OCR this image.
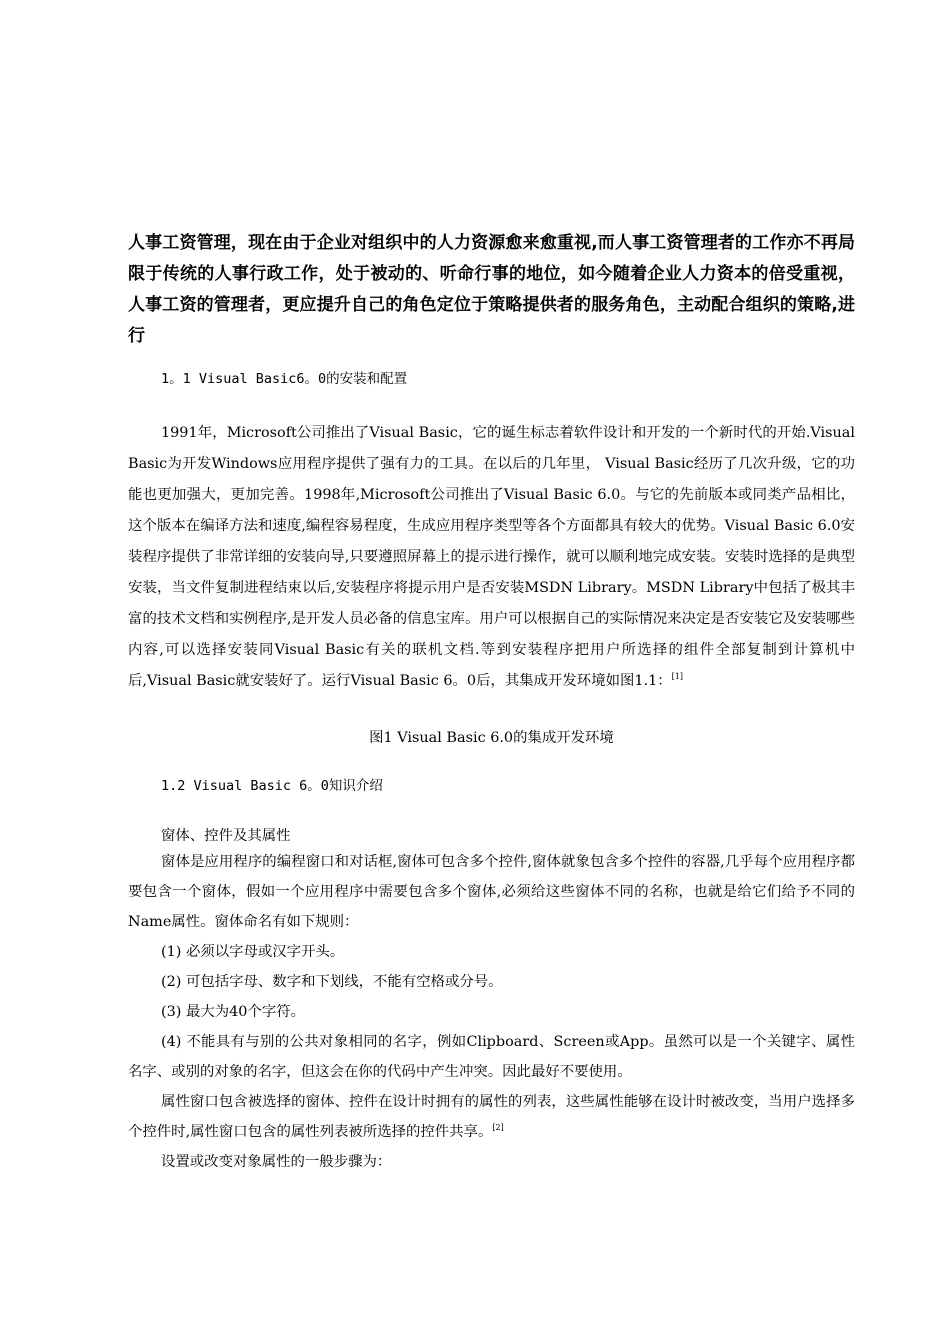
人事工资管理，现在由于企业对组织中的人力资源愈来愈重视,而人事工资管理者的工作亦不再局限于传统的人事行政工作，处于被动的、听命行事的地位，如今随着企业人力资本的倍受重视，人事工资的管理者，更应提升自己的角色定位于策略提供者的服务角色，主动配合组织的策略,进行

1。1 Visual Basic6。0的安装和配置

1991年，Microsoft公司推出了Visual Basic，它的诞生标志着软件设计和开发的一个新时代的开始.Visual Basic为开发Windows应用程序提供了强有力的工具。在以后的几年里， Visual Basic经历了几次升级，它的功能也更加强大，更加完善。1998年,Microsoft公司推出了Visual Basic 6.0。与它的先前版本或同类产品相比，这个版本在编译方法和速度,编程容易程度，生成应用程序类型等各个方面都具有较大的优势。Visual Basic 6.0安装程序提供了非常详细的安装向导,只要遵照屏幕上的提示进行操作，就可以顺利地完成安装。安装时选择的是典型安装，当文件复制进程结束以后,安装程序将提示用户是否安装MSDN Library。MSDN Library中包括了极其丰富的技术文档和实例程序,是开发人员必备的信息宝库。用户可以根据自己的实际情况来决定是否安装它及安装哪些内容,可以选择安装同Visual Basic有关的联机文档.等到安装程序把用户所选择的组件全部复制到计算机中后,Visual Basic就安装好了。运行Visual Basic 6。0后，其集成开发环境如图1.1：[1]

图1 Visual Basic 6.0的集成开发环境

1.2 Visual Basic 6。0知识介绍

窗体、控件及其属性

窗体是应用程序的编程窗口和对话框,窗体可包含多个控件,窗体就象包含多个控件的容器,几乎每个应用程序都要包含一个窗体，假如一个应用程序中需要包含多个窗体,必须给这些窗体不同的名称，也就是给它们给予不同的Name属性。窗体命名有如下规则：

(1) 必须以字母或汉字开头。

(2) 可包括字母、数字和下划线，不能有空格或分号。

(3) 最大为40个字符。

(4) 不能具有与别的公共对象相同的名字，例如Clipboard、Screen或App。虽然可以是一个关键字、属性名字、或别的对象的名字，但这会在你的代码中产生冲突。因此最好不要使用。

属性窗口包含被选择的窗体、控件在设计时拥有的属性的列表，这些属性能够在设计时被改变，当用户选择多个控件时,属性窗口包含的属性列表被所选择的控件共享。[2]

设置或改变对象属性的一般步骤为：
